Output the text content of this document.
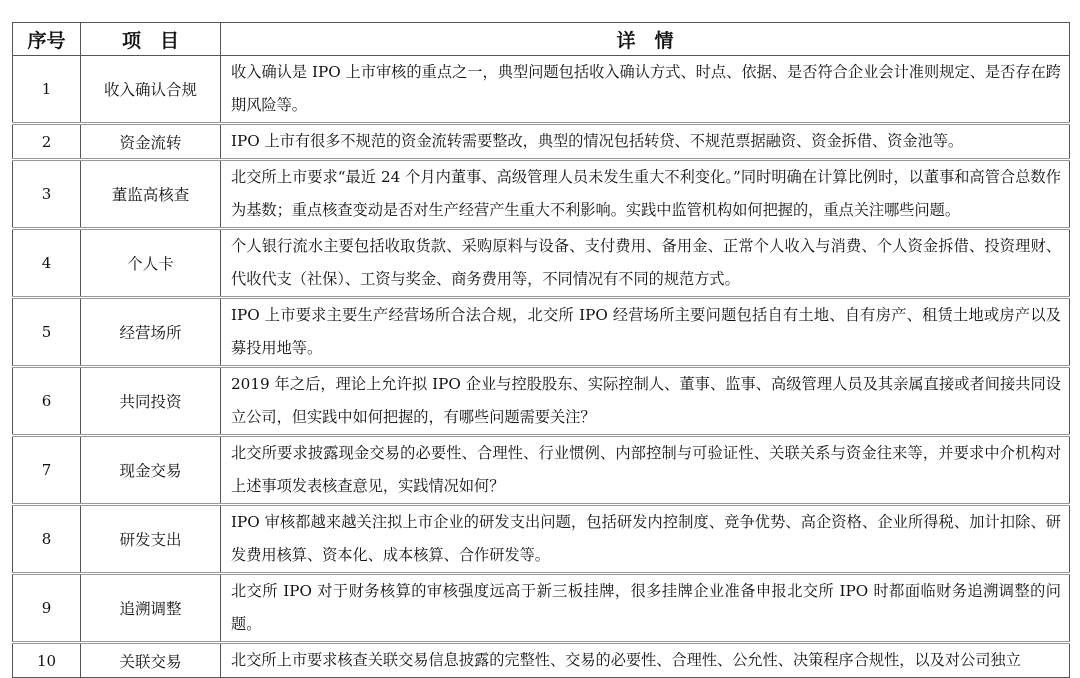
序号	项　目	详　情
1	收入确认合规	收入确认是 IPO 上市审核的重点之一，典型问题包括收入确认方式、时点、依据、是否符合企业会计准则规定、是否存在跨期风险等。
2	资金流转	IPO 上市有很多不规范的资金流转需要整改，典型的情况包括转贷、不规范票据融资、资金拆借、资金池等。
3	董监高核查	北交所上市要求“最近 24 个月内董事、高级管理人员未发生重大不利变化。”同时明确在计算比例时，以董事和高管合总数作为基数；重点核查变动是否对生产经营产生重大不利影响。实践中监管机构如何把握的，重点关注哪些问题。
4	个人卡	个人银行流水主要包括收取货款、采购原料与设备、支付费用、备用金、正常个人收入与消费、个人资金拆借、投资理财、代收代支（社保）、工资与奖金、商务费用等，不同情况有不同的规范方式。
5	经营场所	IPO 上市要求主要生产经营场所合法合规，北交所 IPO 经营场所主要问题包括自有土地、自有房产、租赁土地或房产以及募投用地等。
6	共同投资	2019 年之后，理论上允许拟 IPO 企业与控股股东、实际控制人、董事、监事、高级管理人员及其亲属直接或者间接共同设立公司，但实践中如何把握的，有哪些问题需要关注？
7	现金交易	北交所要求披露现金交易的必要性、合理性、行业惯例、内部控制与可验证性、关联关系与资金往来等，并要求中介机构对上述事项发表核查意见，实践情况如何？
8	研发支出	IPO 审核都越来越关注拟上市企业的研发支出问题，包括研发内控制度、竞争优势、高企资格、企业所得税、加计扣除、研发费用核算、资本化、成本核算、合作研发等。
9	追溯调整	北交所 IPO 对于财务核算的审核强度远高于新三板挂牌，很多挂牌企业准备申报北交所 IPO 时都面临财务追溯调整的问题。
10	关联交易	北交所上市要求核查关联交易信息披露的完整性、交易的必要性、合理性、公允性、决策程序合规性，以及对公司独立
